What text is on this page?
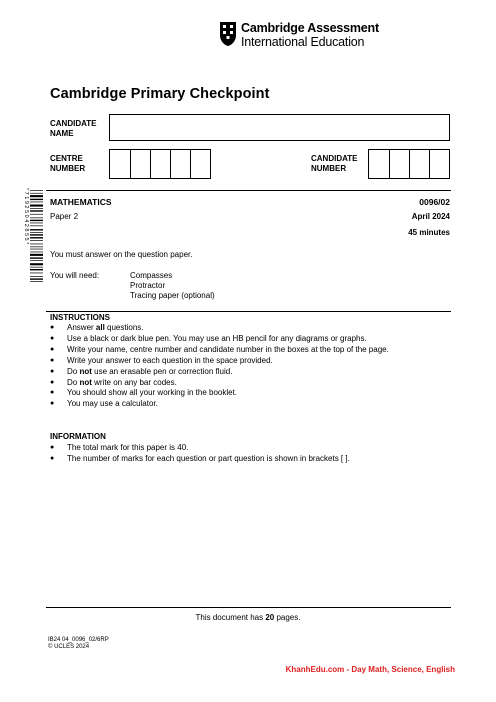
Cambridge Assessment
International Education
Cambridge Primary Checkpoint
CANDIDATE
NAME
CENTRE
NUMBER
CANDIDATE
NUMBER
* 7 1 9 2 5 0 4 2 8 5 5 * MATHEMATICS	0096/02
Paper 2	April 2024
45 minutes
You must answer on the question paper.
You will need:	Compasses
Protractor
Tracing paper (optional)
INSTRUCTIONS
● Answer all questions.
● Use a black or dark blue pen. You may use an HB pencil for any diagrams or graphs.
● Write your name, centre number and candidate number in the boxes at the top of the page.
● Write your answer to each question in the space provided.
● Do not use an erasable pen or correction fluid.
● Do not write on any bar codes.
● You should show all your working in the booklet.
● You may use a calculator.
INFORMATION
● The total mark for this paper is 40.
● The number of marks for each question or part question is shown in brackets [ ].
This document has 20 pages.
IB24 04_0096_02/6RP
© UCLES 2024
KhanhEdu.com - Day Math, Science, English
